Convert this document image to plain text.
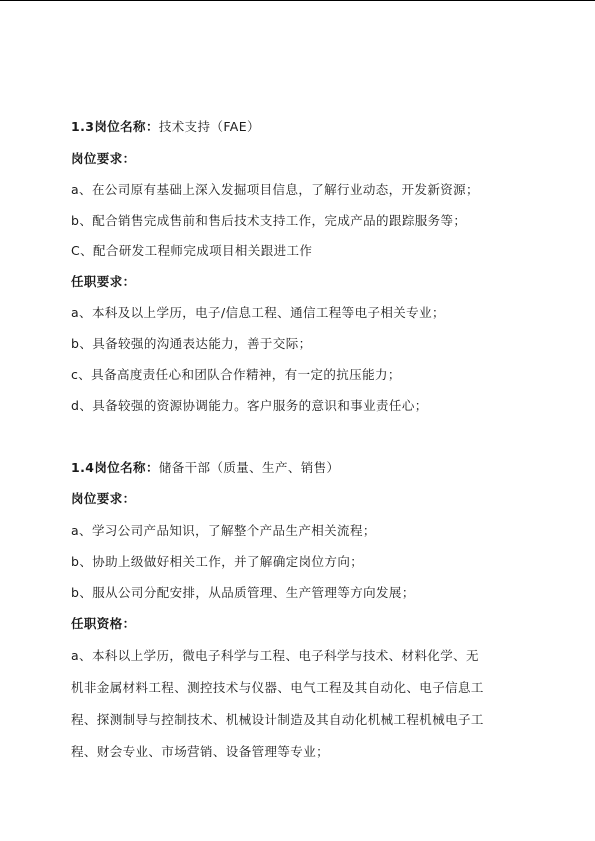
1.3岗位名称：技术支持（FAE）
岗位要求：
a、在公司原有基础上深入发掘项目信息，了解行业动态，开发新资源；
b、配合销售完成售前和售后技术支持工作，完成产品的跟踪服务等；
C、配合研发工程师完成项目相关跟进工作
任职要求：
a、本科及以上学历，电子/信息工程、通信工程等电子相关专业；
b、具备较强的沟通表达能力，善于交际；
c、具备高度责任心和团队合作精神，有一定的抗压能力；
d、具备较强的资源协调能力。客户服务的意识和事业责任心；
1.4岗位名称：储备干部（质量、生产、销售）
岗位要求：
a、学习公司产品知识，了解整个产品生产相关流程；
b、协助上级做好相关工作，并了解确定岗位方向；
b、服从公司分配安排，从品质管理、生产管理等方向发展；
任职资格：
a、本科以上学历，微电子科学与工程、电子科学与技术、材料化学、无
机非金属材料工程、测控技术与仪器、电气工程及其自动化、电子信息工
程、探测制导与控制技术、机械设计制造及其自动化机械工程机械电子工
程、财会专业、市场营销、设备管理等专业；
